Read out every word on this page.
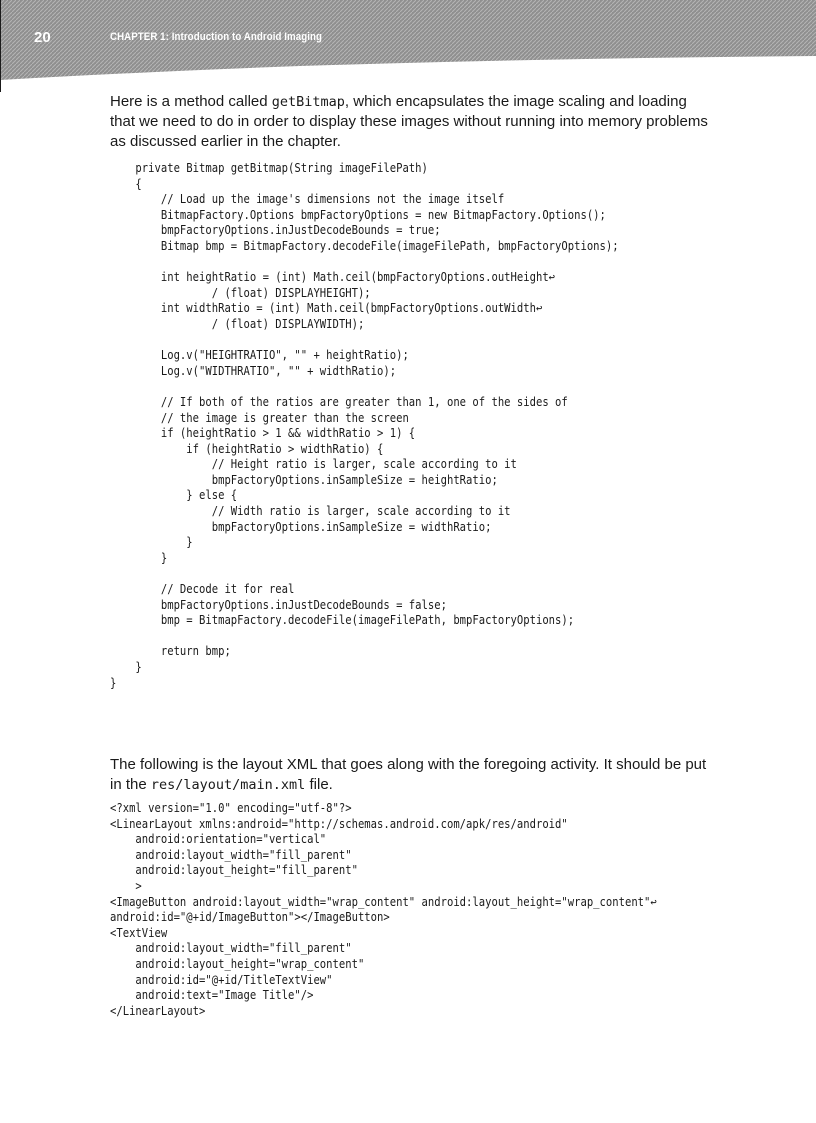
20	CHAPTER 1: Introduction to Android Imaging

Here is a method called getBitmap, which encapsulates the image scaling and loading that we need to do in order to display these images without running into memory problems as discussed earlier in the chapter.

private Bitmap getBitmap(String imageFilePath)
{
// Load up the image's dimensions not the image itself
BitmapFactory.Options bmpFactoryOptions = new BitmapFactory.Options();
bmpFactoryOptions.inJustDecodeBounds = true;
Bitmap bmp = BitmapFactory.decodeFile(imageFilePath, bmpFactoryOptions);

int heightRatio = (int) Math.ceil(bmpFactoryOptions.outHeight↩
/ (float) DISPLAYHEIGHT);
int widthRatio = (int) Math.ceil(bmpFactoryOptions.outWidth↩
/ (float) DISPLAYWIDTH);

Log.v("HEIGHTRATIO", "" + heightRatio);
Log.v("WIDTHRATIO", "" + widthRatio);

// If both of the ratios are greater than 1, one of the sides of
// the image is greater than the screen
if (heightRatio > 1 && widthRatio > 1) {
if (heightRatio > widthRatio) {
// Height ratio is larger, scale according to it
bmpFactoryOptions.inSampleSize = heightRatio;
} else {
// Width ratio is larger, scale according to it
bmpFactoryOptions.inSampleSize = widthRatio;
}
}

// Decode it for real
bmpFactoryOptions.inJustDecodeBounds = false;
bmp = BitmapFactory.decodeFile(imageFilePath, bmpFactoryOptions);

return bmp;
}
}

The following is the layout XML that goes along with the foregoing activity. It should be put in the res/layout/main.xml file.

<?xml version="1.0" encoding="utf-8"?>
<LinearLayout xmlns:android="http://schemas.android.com/apk/res/android"
android:orientation="vertical"
android:layout_width="fill_parent"
android:layout_height="fill_parent"
>
<ImageButton android:layout_width="wrap_content" android:layout_height="wrap_content"↩
android:id="@+id/ImageButton"></ImageButton>
<TextView
android:layout_width="fill_parent"
android:layout_height="wrap_content"
android:id="@+id/TitleTextView"
android:text="Image Title"/>
</LinearLayout>
